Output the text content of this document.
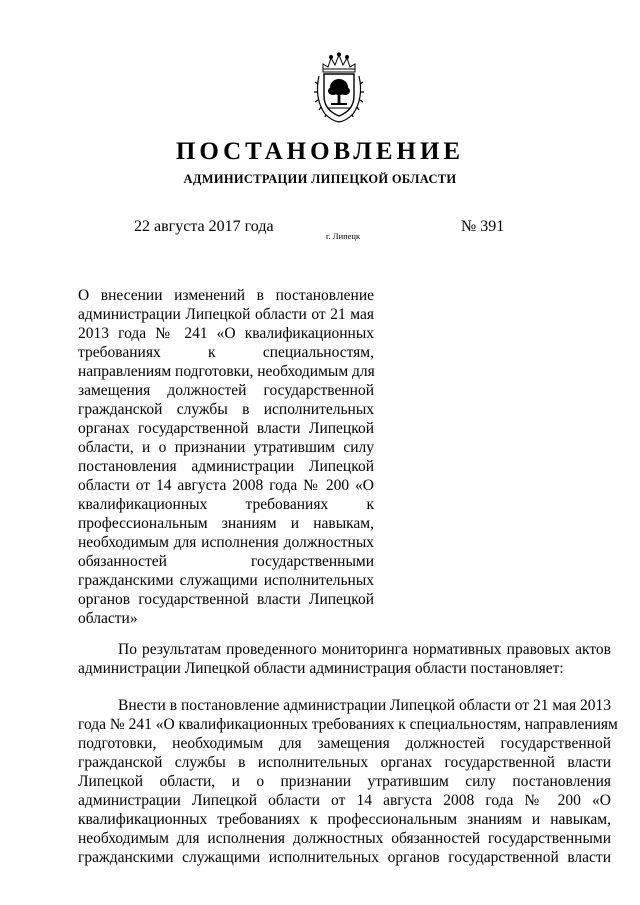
ПОСТАНОВЛЕНИЕ
АДМИНИСТРАЦИИ ЛИПЕЦКОЙ ОБЛАСТИ
22 августа 2017 года
г. Липецк
№ 391
О внесении изменений в постановление
администрации Липецкой области от 21 мая
2013 года № 241 «О квалификационных
требованиях к специальностям,
направлениям подготовки, необходимым для
замещения должностей государственной
гражданской службы в исполнительных
органах государственной власти Липецкой
области, и о признании утратившим силу
постановления администрации Липецкой
области от 14 августа 2008 года № 200 «О
квалификационных требованиях к
профессиональным знаниям и навыкам,
необходимым для исполнения должностных
обязанностей государственными
гражданскими служащими исполнительных
органов государственной власти Липецкой
области»
По результатам проведенного мониторинга нормативных правовых актов
администрации Липецкой области администрация области постановляет:
Внести в постановление администрации Липецкой области от 21 мая 2013
года № 241 «О квалификационных требованиях к специальностям, направлениям
подготовки, необходимым для замещения должностей государственной
гражданской службы в исполнительных органах государственной власти
Липецкой области, и о признании утратившим силу постановления
администрации Липецкой области от 14 августа 2008 года № 200 «О
квалификационных требованиях к профессиональным знаниям и навыкам,
необходимым для исполнения должностных обязанностей государственными
гражданскими служащими исполнительных органов государственной власти
